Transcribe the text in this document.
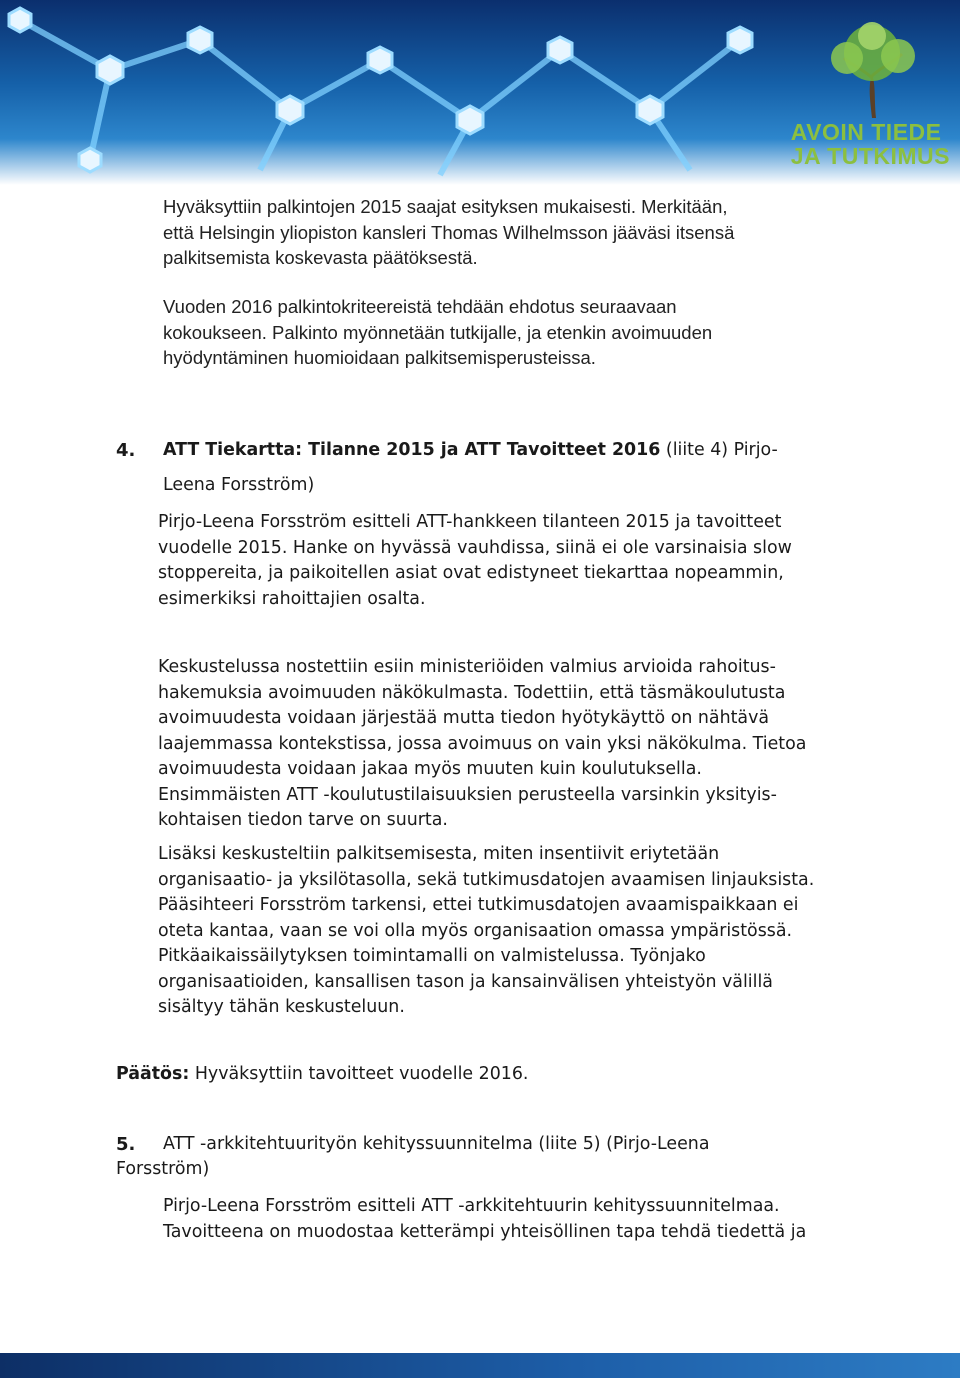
AVOIN TIEDE
JA TUTKIMUS
Hyväksyttiin palkintojen 2015 saajat esityksen mukaisesti. Merkitään,
että Helsingin yliopiston kansleri Thomas Wilhelmsson jääväsi itsensä
palkitsemista koskevasta päätöksestä.
Vuoden 2016 palkintokriteereistä tehdään ehdotus seuraavaan
kokoukseen. Palkinto myönnetään tutkijalle, ja etenkin avoimuuden
hyödyntäminen huomioidaan palkitsemisperusteissa.
4. ATT Tiekartta: Tilanne 2015 ja ATT Tavoitteet 2016 (liite 4) Pirjo-
Leena Forsström)
Pirjo-Leena Forsström esitteli ATT-hankkeen tilanteen 2015 ja tavoitteet
vuodelle 2015. Hanke on hyvässä vauhdissa, siinä ei ole varsinaisia slow
stoppereita, ja paikoitellen asiat ovat edistyneet tiekarttaa nopeammin,
esimerkiksi rahoittajien osalta.
Keskustelussa nostettiin esiin ministeriöiden valmius arvioida rahoitus-
hakemuksia avoimuuden näkökulmasta. Todettiin, että täsmäkoulutusta
avoimuudesta voidaan järjestää mutta tiedon hyötykäyttö on nähtävä
laajemmassa kontekstissa, jossa avoimuus on vain yksi näkökulma. Tietoa
avoimuudesta voidaan jakaa myös muuten kuin koulutuksella.
Ensimmäisten ATT -koulutustilaisuuksien perusteella varsinkin yksityis-
kohtaisen tiedon tarve on suurta.
Lisäksi keskusteltiin palkitsemisesta, miten insentiivit eriytetään
organisaatio- ja yksilötasolla, sekä tutkimusdatojen avaamisen linjauksista.
Pääsihteeri Forsström tarkensi, ettei tutkimusdatojen avaamispaikkaan ei
oteta kantaa, vaan se voi olla myös organisaation omassa ympäristössä.
Pitkäaikaissäilytyksen toimintamalli on valmistelussa. Työnjako
organisaatioiden, kansallisen tason ja kansainvälisen yhteistyön välillä
sisältyy tähän keskusteluun.
Päätös: Hyväksyttiin tavoitteet vuodelle 2016.
5. ATT -arkkitehtuurityön kehityssuunnitelma (liite 5) (Pirjo-Leena
Forsström)
Pirjo-Leena Forsström esitteli ATT -arkkitehtuurin kehityssuunnitelmaa.
Tavoitteena on muodostaa ketterämpi yhteisöllinen tapa tehdä tiedettä ja
